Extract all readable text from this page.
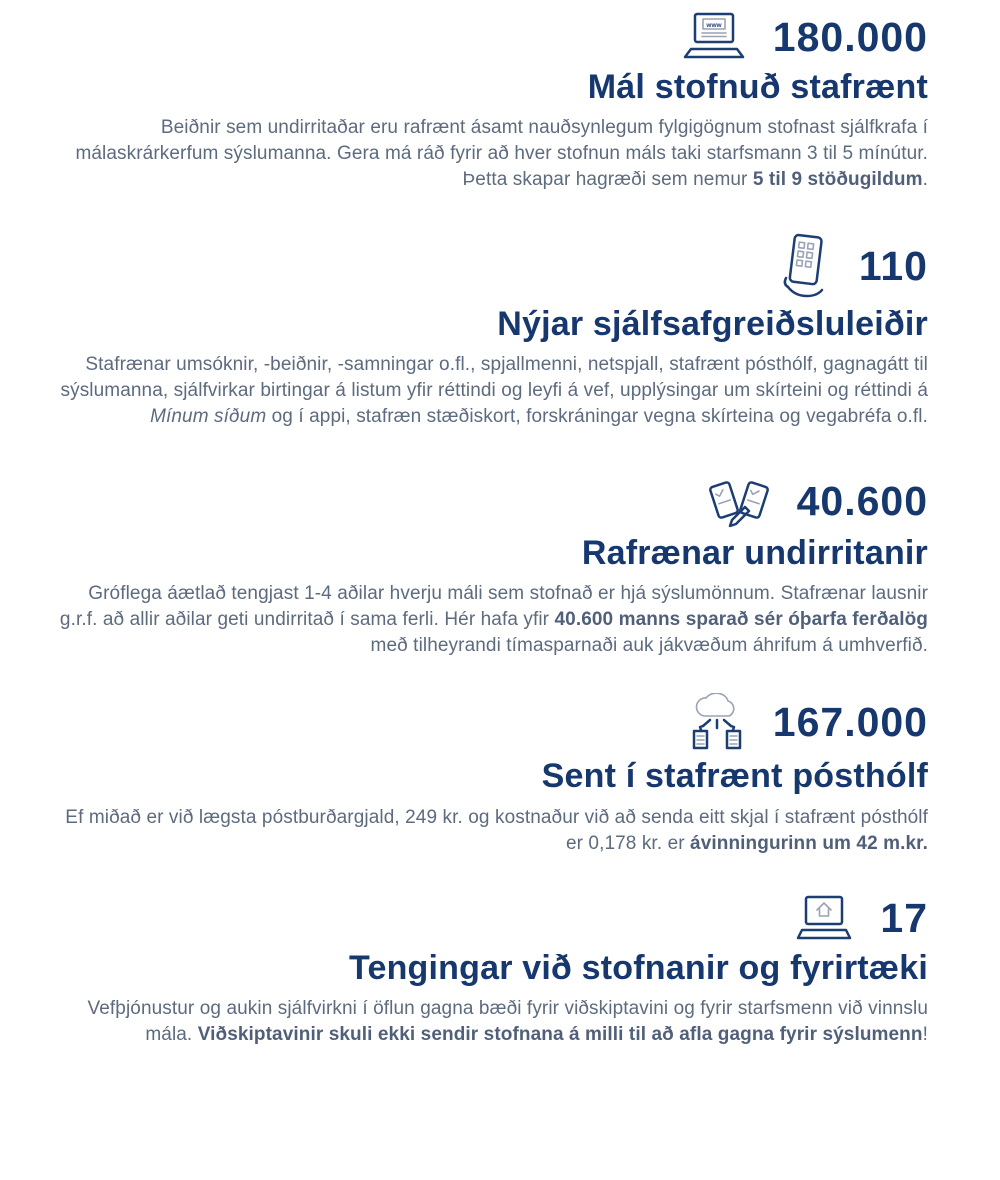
www 180.000
Mál stofnuð stafrænt

Beiðnir sem undirritaðar eru rafrænt ásamt nauðsynlegum fylgigögnum stofnast sjálfkrafa í málaskrárkerfum sýslumanna. Gera má ráð fyrir að hver stofnun máls taki starfsmann 3 til 5 mínútur. Þetta skapar hagræði sem nemur 5 til 9 stöðugildum.

110
Nýjar sjálfsafgreiðsluleiðir

Stafrænar umsóknir, -beiðnir, -samningar o.fl., spjallmenni, netspjall, stafrænt pósthólf, gagnagátt til sýslumanna, sjálfvirkar birtingar á listum yfir réttindi og leyfi á vef, upplýsingar um skírteini og réttindi á Mínum síðum og í appi, stafræn stæðiskort, forskráningar vegna skírteina og vegabréfa o.fl.

40.600
Rafrænar undirritanir

Gróflega áætlað tengjast 1-4 aðilar hverju máli sem stofnað er hjá sýslumönnum. Stafrænar lausnir g.r.f. að allir aðilar geti undirritað í sama ferli. Hér hafa yfir 40.600 manns sparað sér óþarfa ferðalög með tilheyrandi tímasparnaði auk jákvæðum áhrifum á umhverfið.

167.000
Sent í stafrænt pósthólf

Ef miðað er við lægsta póstburðargjald, 249 kr. og kostnaður við að senda eitt skjal í stafrænt pósthólf er 0,178 kr. er ávinningurinn um 42 m.kr.

17
Tengingar við stofnanir og fyrirtæki

Vefþjónustur og aukin sjálfvirkni í öflun gagna bæði fyrir viðskiptavini og fyrir starfsmenn við vinnslu mála. Viðskiptavinir skuli ekki sendir stofnana á milli til að afla gagna fyrir sýslumenn!
